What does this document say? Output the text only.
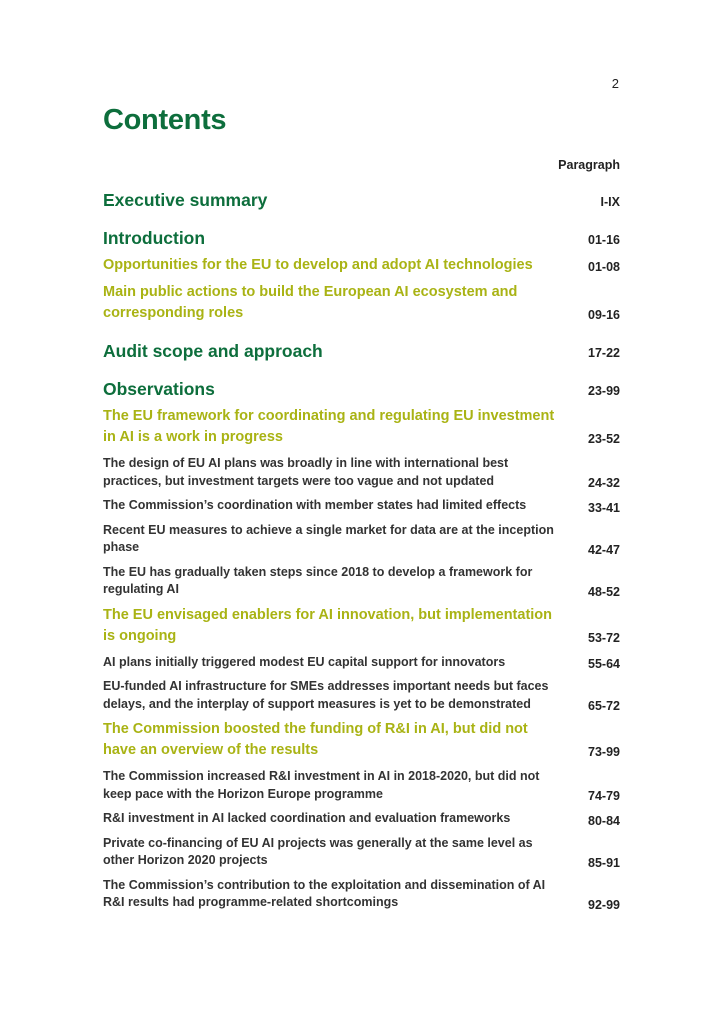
2
Contents
Paragraph
Executive summary	I-IX
Introduction	01-16
Opportunities for the EU to develop and adopt AI technologies	01-08
Main public actions to build the European AI ecosystem and corresponding roles	09-16
Audit scope and approach	17-22
Observations	23-99
The EU framework for coordinating and regulating EU investment in AI is a work in progress	23-52
The design of EU AI plans was broadly in line with international best practices, but investment targets were too vague and not updated	24-32
The Commission’s coordination with member states had limited effects	33-41
Recent EU measures to achieve a single market for data are at the inception phase	42-47
The EU has gradually taken steps since 2018 to develop a framework for regulating AI	48-52
The EU envisaged enablers for AI innovation, but implementation is ongoing	53-72
AI plans initially triggered modest EU capital support for innovators	55-64
EU-funded AI infrastructure for SMEs addresses important needs but faces delays, and the interplay of support measures is yet to be demonstrated	65-72
The Commission boosted the funding of R&I in AI, but did not have an overview of the results	73-99
The Commission increased R&I investment in AI in 2018-2020, but did not keep pace with the Horizon Europe programme	74-79
R&I investment in AI lacked coordination and evaluation frameworks	80-84
Private co-financing of EU AI projects was generally at the same level as other Horizon 2020 projects	85-91
The Commission’s contribution to the exploitation and dissemination of AI R&I results had programme-related shortcomings	92-99
